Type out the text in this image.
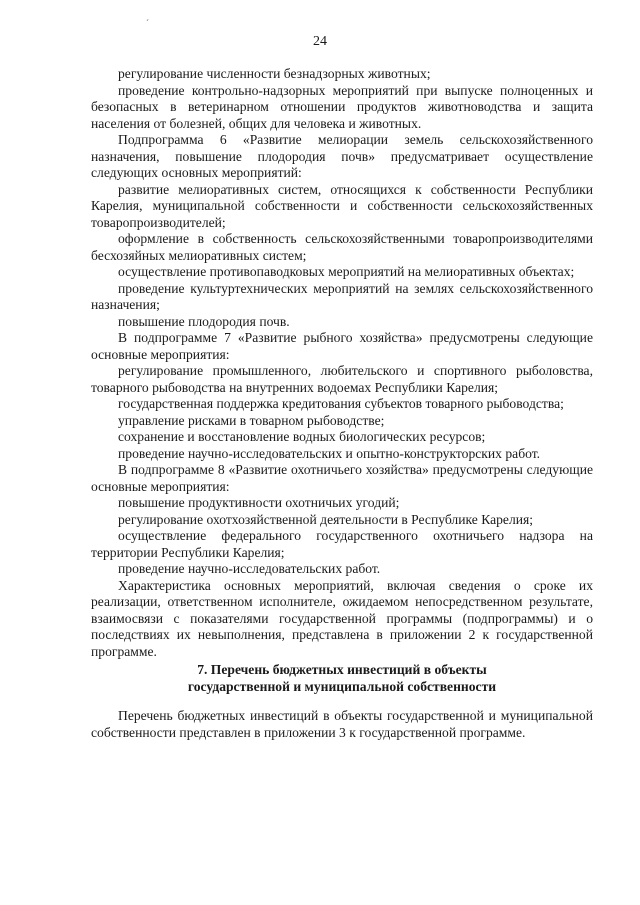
´
24

регулирование численности безнадзорных животных;

проведение контрольно-надзорных мероприятий при выпуске полноценных и безопасных в ветеринарном отношении продуктов животноводства и защита населения от болезней, общих для человека и животных.

Подпрограмма 6 «Развитие мелиорации земель сельскохозяйственного назначения, повышение плодородия почв» предусматривает осуществление следующих основных мероприятий:

развитие мелиоративных систем, относящихся к собственности Республики Карелия, муниципальной собственности и собственности сельскохозяйственных товаропроизводителей;

оформление в собственность сельскохозяйственными товаропроизводителями бесхозяйных мелиоративных систем;

осуществление противопаводковых мероприятий на мелиоративных объектах;

проведение культуртехнических мероприятий на землях сельскохозяйственного назначения;

повышение плодородия почв.

В подпрограмме 7 «Развитие рыбного хозяйства» предусмотрены следующие основные мероприятия:

регулирование промышленного, любительского и спортивного рыболовства, товарного рыбоводства на внутренних водоемах Республики Карелия;

государственная поддержка кредитования субъектов товарного рыбоводства;

управление рисками в товарном рыбоводстве;

сохранение и восстановление водных биологических ресурсов;

проведение научно-исследовательских и опытно-конструкторских работ.

В подпрограмме 8 «Развитие охотничьего хозяйства» предусмотрены следующие основные мероприятия:

повышение продуктивности охотничьих угодий;

регулирование охотхозяйственной деятельности в Республике Карелия;

осуществление федерального государственного охотничьего надзора на территории Республики Карелия;

проведение научно-исследовательских работ.

Характеристика основных мероприятий, включая сведения о сроке их реализации, ответственном исполнителе, ожидаемом непосредственном результате, взаимосвязи с показателями государственной программы (подпрограммы) и о последствиях их невыполнения, представлена в приложении 2 к государственной программе.

7. Перечень бюджетных инвестиций в объекты
государственной и муниципальной собственности

Перечень бюджетных инвестиций в объекты государственной и муниципальной собственности представлен в приложении 3 к государственной программе.
